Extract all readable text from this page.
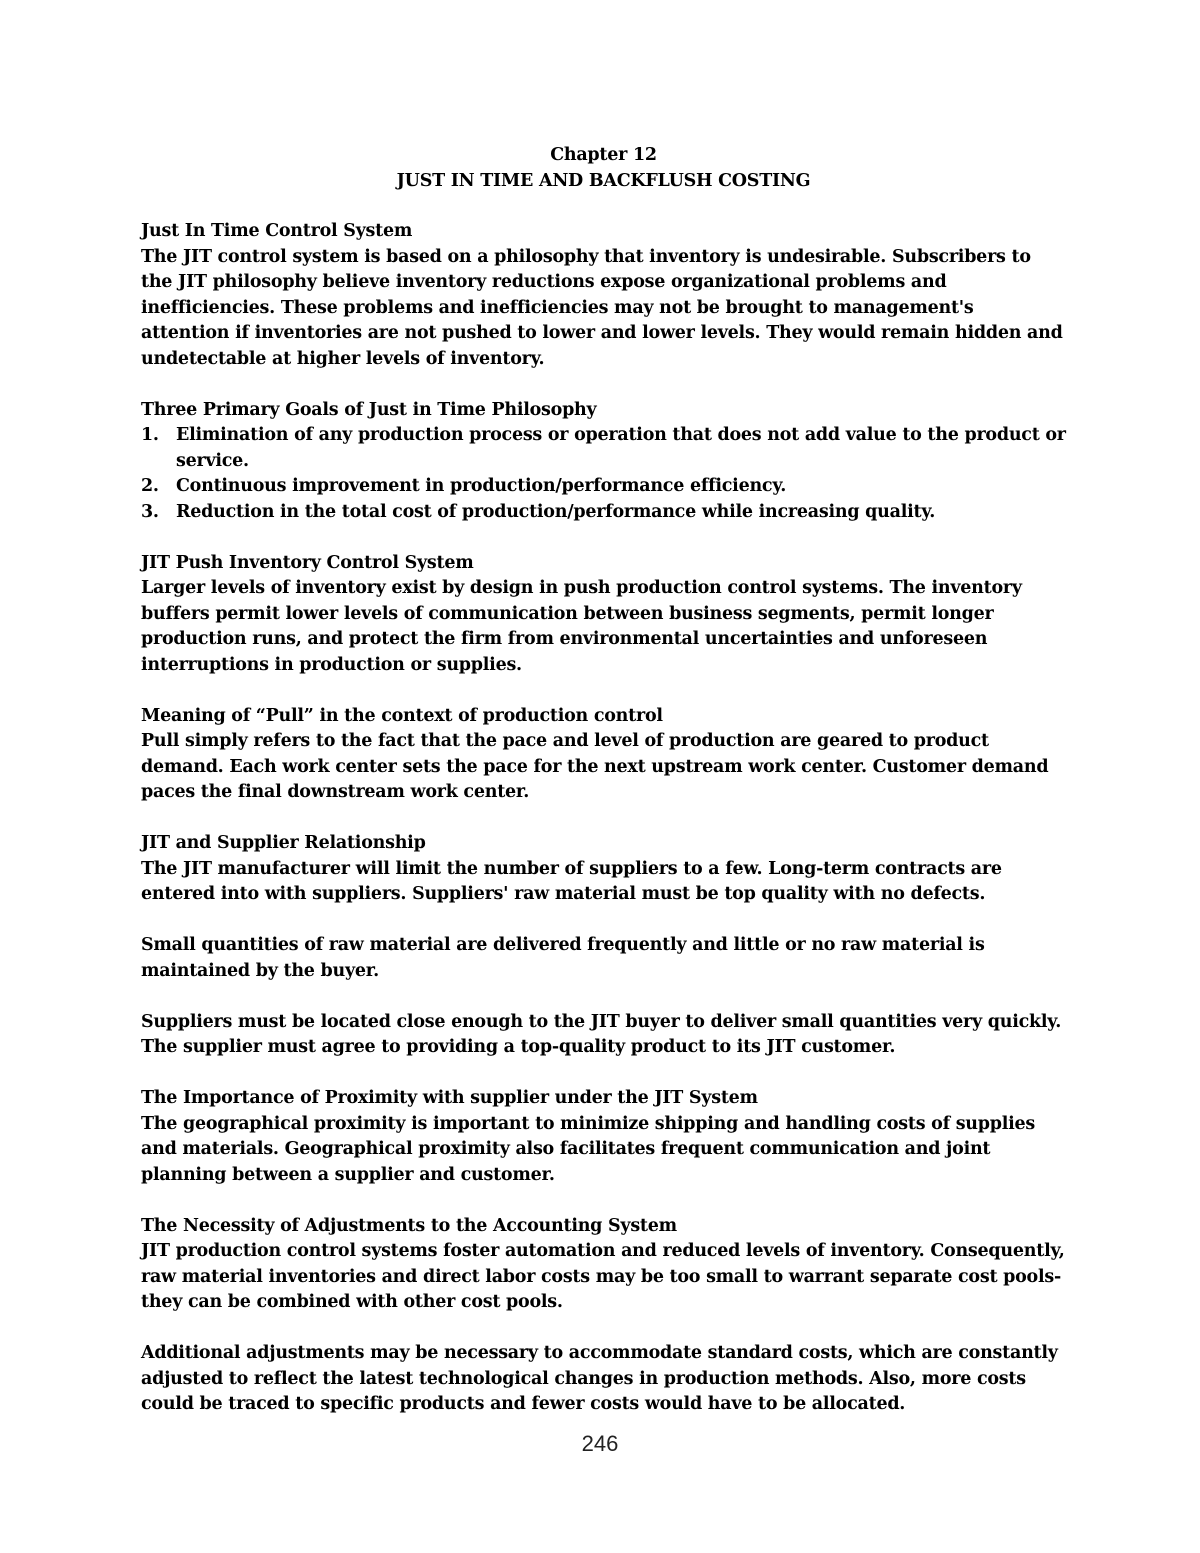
Chapter 12

JUST IN TIME AND BACKFLUSH COSTING

Just In Time Control System

The JIT control system is based on a philosophy that inventory is undesirable. Subscribers to the JIT philosophy believe inventory reductions expose organizational problems and inefficiencies. These problems and inefficiencies may not be brought to management's attention if inventories are not pushed to lower and lower levels. They would remain hidden and undetectable at higher levels of inventory.

Three Primary Goals of Just in Time Philosophy

1. Elimination of any production process or operation that does not add value to the product or service.
2. Continuous improvement in production/performance efficiency.
3. Reduction in the total cost of production/performance while increasing quality.

JIT Push Inventory Control System

Larger levels of inventory exist by design in push production control systems. The inventory buffers permit lower levels of communication between business segments, permit longer production runs, and protect the firm from environmental uncertainties and unforeseen interruptions in production or supplies.

Meaning of “Pull” in the context of production control

Pull simply refers to the fact that the pace and level of production are geared to product demand. Each work center sets the pace for the next upstream work center. Customer demand paces the final downstream work center.

JIT and Supplier Relationship

The JIT manufacturer will limit the number of suppliers to a few. Long-term contracts are entered into with suppliers. Suppliers' raw material must be top quality with no defects.

Small quantities of raw material are delivered frequently and little or no raw material is maintained by the buyer.

Suppliers must be located close enough to the JIT buyer to deliver small quantities very quickly. The supplier must agree to providing a top-quality product to its JIT customer.

The Importance of Proximity with supplier under the JIT System

The geographical proximity is important to minimize shipping and handling costs of supplies and materials. Geographical proximity also facilitates frequent communication and joint planning between a supplier and customer.

The Necessity of Adjustments to the Accounting System

JIT production control systems foster automation and reduced levels of inventory. Consequently, raw material inventories and direct labor costs may be too small to warrant separate cost pools- they can be combined with other cost pools.

Additional adjustments may be necessary to accommodate standard costs, which are constantly adjusted to reflect the latest technological changes in production methods. Also, more costs could be traced to specific products and fewer costs would have to be allocated.

246
